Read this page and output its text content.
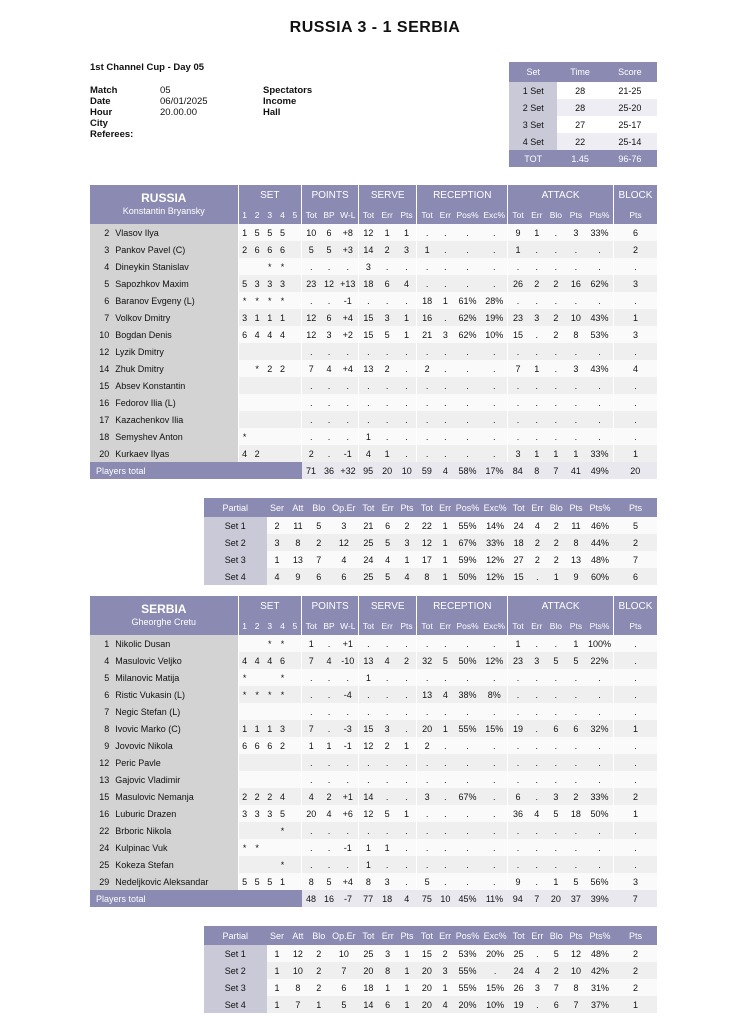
RUSSIA 3 - 1 SERBIA
1st Channel Cup - Day 05
Match	05
Date	06/01/2025
Hour	20.00.00
City
Referees:
Spectators
Income
Hall
Set	Time	Score
1 Set	28	21-25
2 Set	28	25-20
3 Set	27	25-17
4 Set	22	25-14
TOT	1.45	96-76
RUSSIA
Konstantin Bryansky		SET					POINTS			SERVE			RECEPTION				ATTACK					BLOCK
		1	2	3	4	5	Tot	BP	W-L	Tot	Err	Pts	Tot	Err	Pos%	Exc%	Tot	Err	Blo	Pts	Pts%	Pts
2	Vlasov Ilya	1	5	5	5		10	6	+8	12	1	1	.	.	.	.	9	1	.	3	33%	6
3	Pankov Pavel (C)	2	6	6	6		5	5	+3	14	2	3	1	.	.	.	1	.	.	.	.	2
4	Dineykin Stanislav			*	*		.	.	.	3	.	.	.	.	.	.	.	.	.	.	.	.
5	Sapozhkov Maxim	5	3	3	3		23	12	+13	18	6	4	.	.	.	.	26	2	2	16	62%	3
6	Baranov Evgeny (L)	*	*	*	*		.	.	-1	.	.	.	18	1	61%	28%	.	.	.	.	.	.
7	Volkov Dmitry	3	1	1	1		12	6	+4	15	3	1	16	.	62%	19%	23	3	2	10	43%	1
10	Bogdan Denis	6	4	4	4		12	3	+2	15	5	1	21	3	62%	10%	15	.	2	8	53%	3
12	Lyzik Dmitry						.	.	.	.	.	.	.	.	.	.	.	.	.	.	.	.
14	Zhuk Dmitry		*	2	2		7	4	+4	13	2	.	2	.	.	.	7	1	.	3	43%	4
15	Absev Konstantin						.	.	.	.	.	.	.	.	.	.	.	.	.	.	.	.
16	Fedorov Ilia (L)						.	.	.	.	.	.	.	.	.	.	.	.	.	.	.	.
17	Kazachenkov Ilia						.	.	.	.	.	.	.	.	.	.	.	.	.	.	.	.
18	Semyshev Anton	*					.	.	.	1	.	.	.	.	.	.	.	.	.	.	.	.
20	Kurkaev Ilyas	4	2				2	.	-1	4	1	.	.	.	.	.	3	1	1	1	33%	1
Players total							71	36	+32	95	20	10	59	4	58%	17%	84	8	7	41	49%	20
Partial	Ser	Att	Blo	Op.Er	Tot	Err	Pts	Tot	Err	Pos%	Exc%	Tot	Err	Blo	Pts	Pts%	Pts
Set 1	2	11	5	3	21	6	2	22	1	55%	14%	24	4	2	11	46%	5
Set 2	3	8	2	12	25	5	3	12	1	67%	33%	18	2	2	8	44%	2
Set 3	1	13	7	4	24	4	1	17	1	59%	12%	27	2	2	13	48%	7
Set 4	4	9	6	6	25	5	4	8	1	50%	12%	15	.	1	9	60%	6
SERBIA
Gheorghe Cretu		SET					POINTS			SERVE			RECEPTION				ATTACK					BLOCK
		1	2	3	4	5	Tot	BP	W-L	Tot	Err	Pts	Tot	Err	Pos%	Exc%	Tot	Err	Blo	Pts	Pts%	Pts
1	Nikolic Dusan			*	*		1	.	+1	.	.	.	.	.	.	.	1	.	.	1	100%	.
4	Masulovic Veljko	4	4	4	6		7	4	-10	13	4	2	32	5	50%	12%	23	3	5	5	22%	.
5	Milanovic Matija	*			*		.	.	.	1	.	.	.	.	.	.	.	.	.	.	.	.
6	Ristic Vukasin (L)	*	*	*	*		.	.	-4	.	.	.	13	4	38%	8%	.	.	.	.	.	.
7	Negic Stefan (L)						.	.	.	.	.	.	.	.	.	.	.	.	.	.	.	.
8	Ivovic Marko (C)	1	1	1	3		7	.	-3	15	3	.	20	1	55%	15%	19	.	6	6	32%	1
9	Jovovic Nikola	6	6	6	2		1	1	-1	12	2	1	2	.	.	.	.	.	.	.	.	.
12	Peric Pavle						.	.	.	.	.	.	.	.	.	.	.	.	.	.	.	.
13	Gajovic Vladimir						.	.	.	.	.	.	.	.	.	.	.	.	.	.	.	.
15	Masulovic Nemanja	2	2	2	4		4	2	+1	14	.	.	3	.	67%	.	6	.	3	2	33%	2
16	Luburic Drazen	3	3	3	5		20	4	+6	12	5	1	.	.	.	.	36	4	5	18	50%	1
22	Brboric Nikola				*		.	.	.	.	.	.	.	.	.	.	.	.	.	.	.	.
24	Kulpinac Vuk	*	*				.	.	-1	1	1	.	.	.	.	.	.	.	.	.	.	.
25	Kokeza Stefan				*		.	.	.	1	.	.	.	.	.	.	.	.	.	.	.	.
29	Nedeljkovic Aleksandar	5	5	5	1		8	5	+4	8	3	.	5	.	.	.	9	.	1	5	56%	3
Players total							48	16	-7	77	18	4	75	10	45%	11%	94	7	20	37	39%	7
Partial	Ser	Att	Blo	Op.Er	Tot	Err	Pts	Tot	Err	Pos%	Exc%	Tot	Err	Blo	Pts	Pts%	Pts
Set 1	1	12	2	10	25	3	1	15	2	53%	20%	25	.	5	12	48%	2
Set 2	1	10	2	7	20	8	1	20	3	55%	.	24	4	2	10	42%	2
Set 3	1	8	2	6	18	1	1	20	1	55%	15%	26	3	7	8	31%	2
Set 4	1	7	1	5	14	6	1	20	4	20%	10%	19	.	6	7	37%	1
